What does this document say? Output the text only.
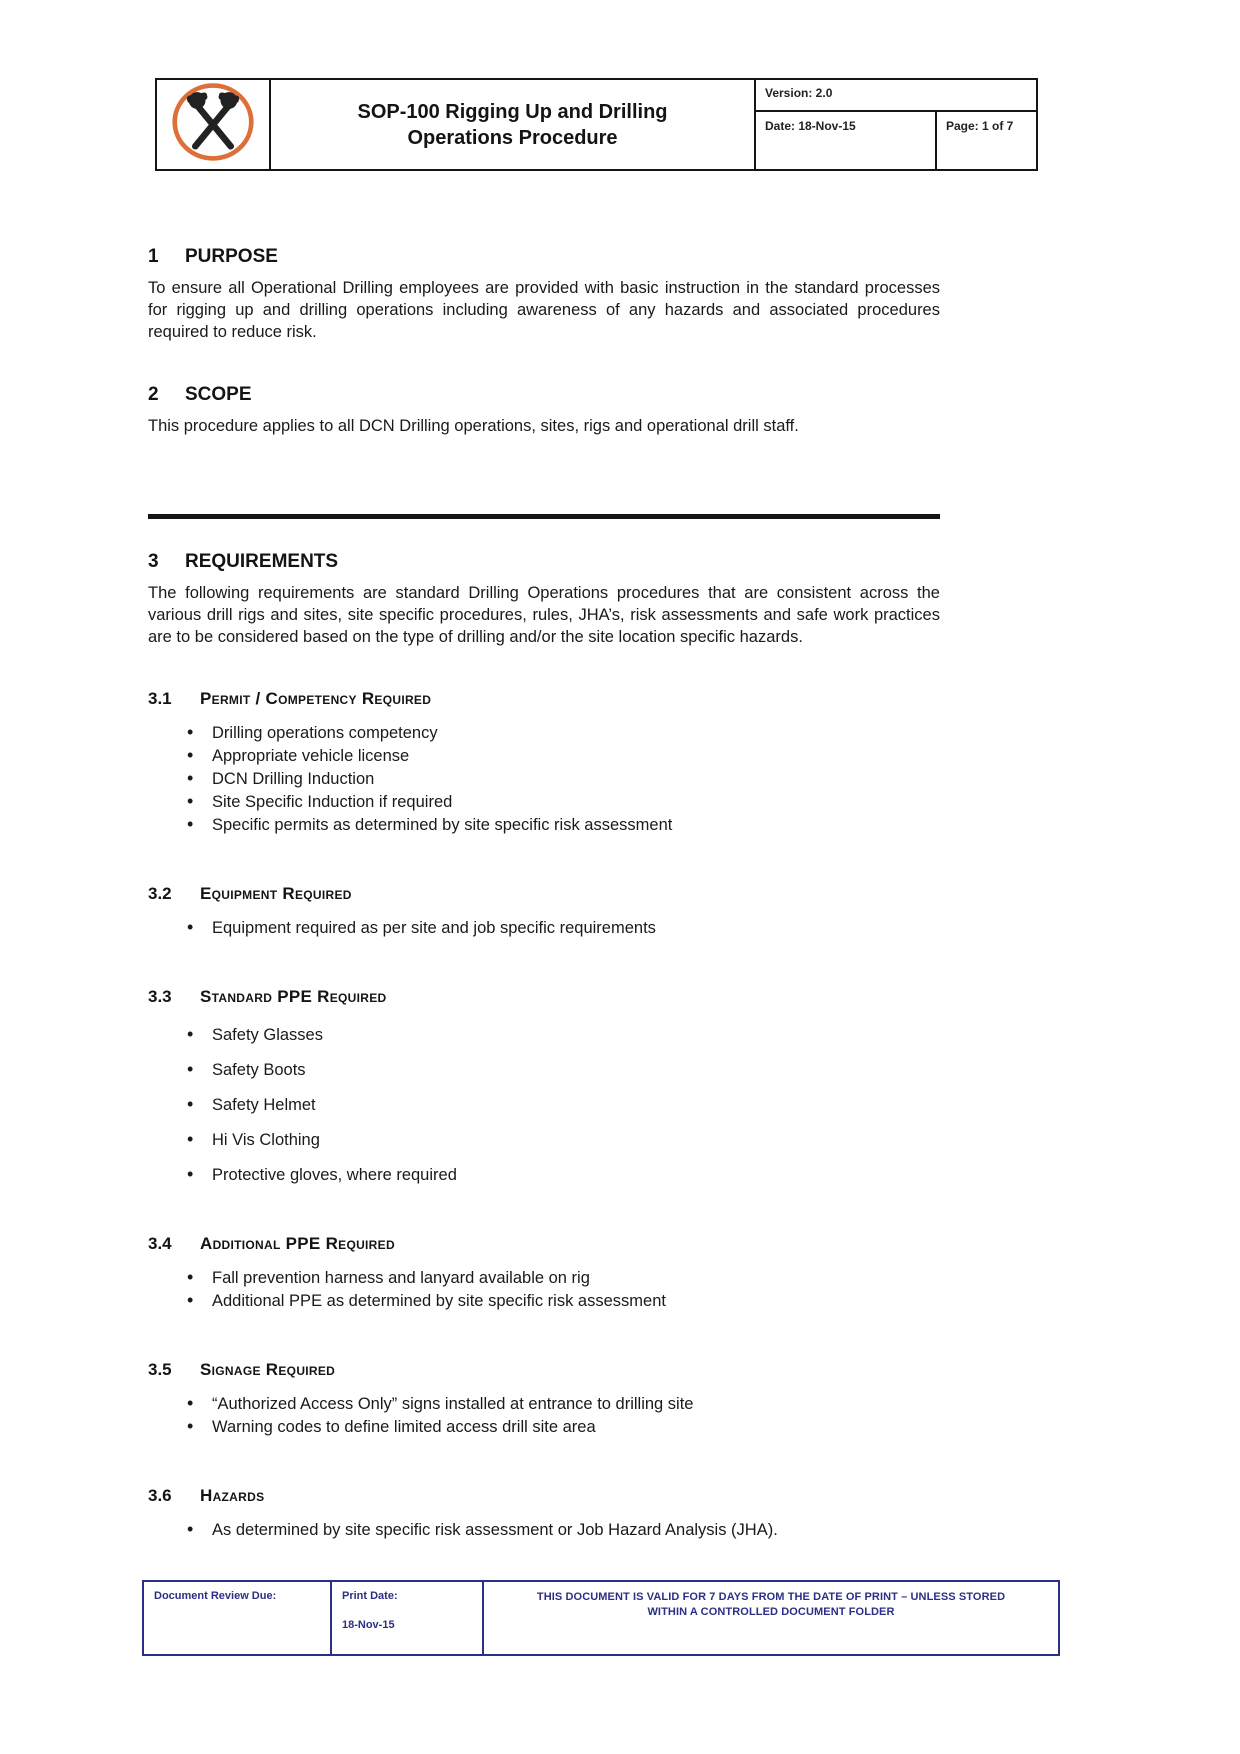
SOP-100 Rigging Up and Drilling Operations Procedure
Version: 2.0
Date: 18-Nov-15	Page: 1 of 7
1	PURPOSE

To ensure all Operational Drilling employees are provided with basic instruction in the standard processes for rigging up and drilling operations including awareness of any hazards and associated procedures required to reduce risk.

2	SCOPE

This procedure applies to all DCN Drilling operations, sites, rigs and operational drill staff.

3	REQUIREMENTS

The following requirements are standard Drilling Operations procedures that are consistent across the various drill rigs and sites, site specific procedures, rules, JHA’s, risk assessments and safe work practices are to be considered based on the type of drilling and/or the site location specific hazards.

3.1	Permit / Competency Required
• Drilling operations competency
• Appropriate vehicle license
• DCN Drilling Induction
• Site Specific Induction if required
• Specific permits as determined by site specific risk assessment
3.2	Equipment Required
• Equipment required as per site and job specific requirements
3.3	Standard PPE Required
• Safety Glasses
• Safety Boots
• Safety Helmet
• Hi Vis Clothing
• Protective gloves, where required
3.4	Additional PPE Required
• Fall prevention harness and lanyard available on rig
• Additional PPE as determined by site specific risk assessment
3.5	Signage Required
• “Authorized Access Only” signs installed at entrance to drilling site
• Warning codes to define limited access drill site area
3.6	Hazards
• As determined by site specific risk assessment or Job Hazard Analysis (JHA).
Document Review Due:	Print Date:
18-Nov-15
THIS DOCUMENT IS VALID FOR 7 DAYS FROM THE DATE OF PRINT – UNLESS STORED WITHIN A CONTROLLED DOCUMENT FOLDER
